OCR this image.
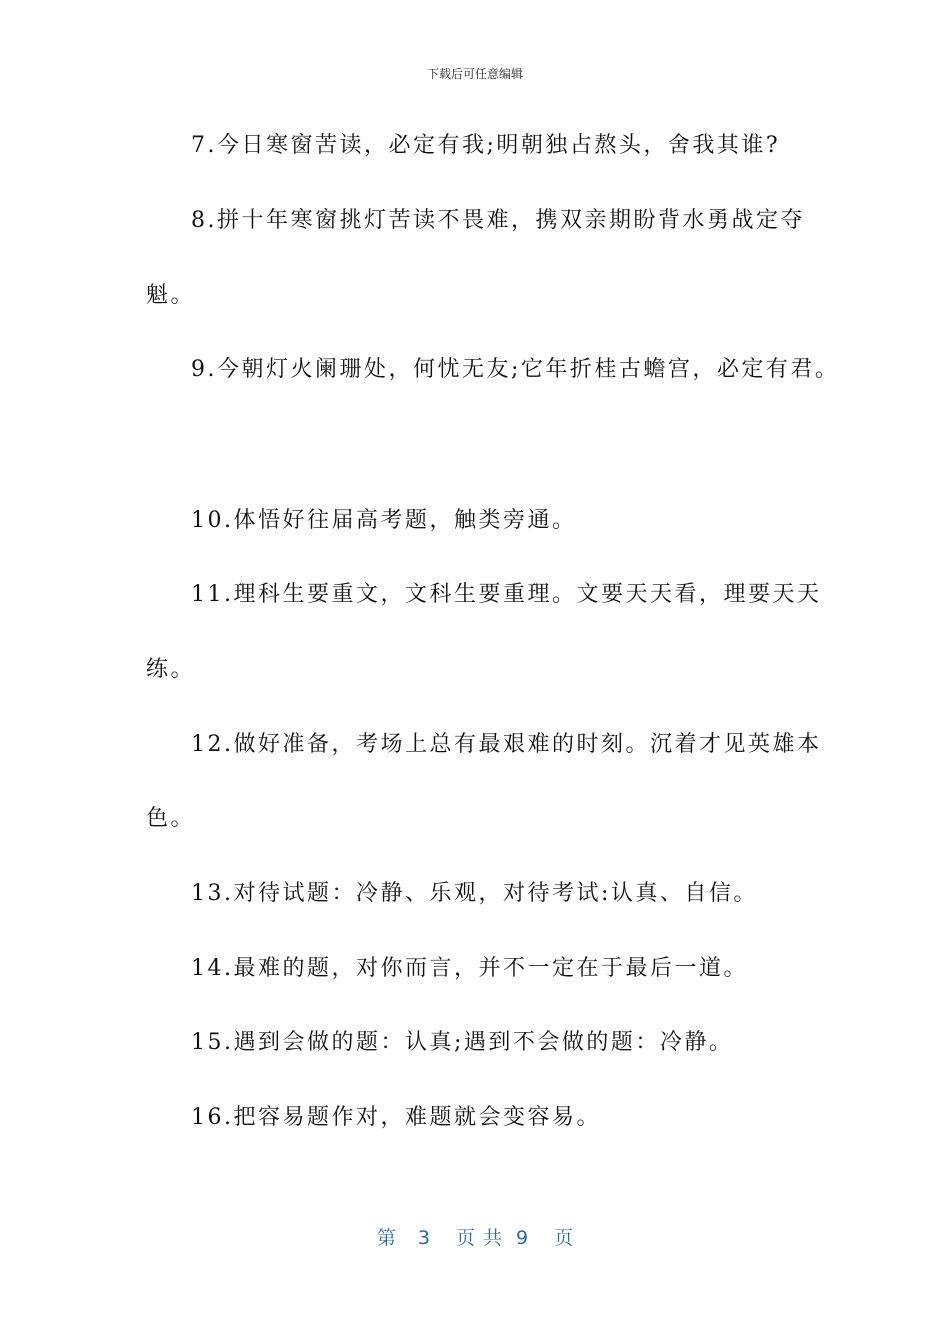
下载后可任意编辑
7.今日寒窗苦读，必定有我;明朝独占熬头，舍我其谁?
8.拼十年寒窗挑灯苦读不畏难，携双亲期盼背水勇战定夺
魁。
9.今朝灯火阑珊处，何忧无友;它年折桂古蟾宫，必定有君。
10.体悟好往届高考题，触类旁通。
11.理科生要重文，文科生要重理。文要天天看，理要天天
练。
12.做好准备，考场上总有最艰难的时刻。沉着才见英雄本
色。
13.对待试题：冷静、乐观，对待考试:认真、自信。
14.最难的题，对你而言，并不一定在于最后一道。
15.遇到会做的题：认真;遇到不会做的题：冷静。
16.把容易题作对，难题就会变容易。
第 3 页 共 9 页
